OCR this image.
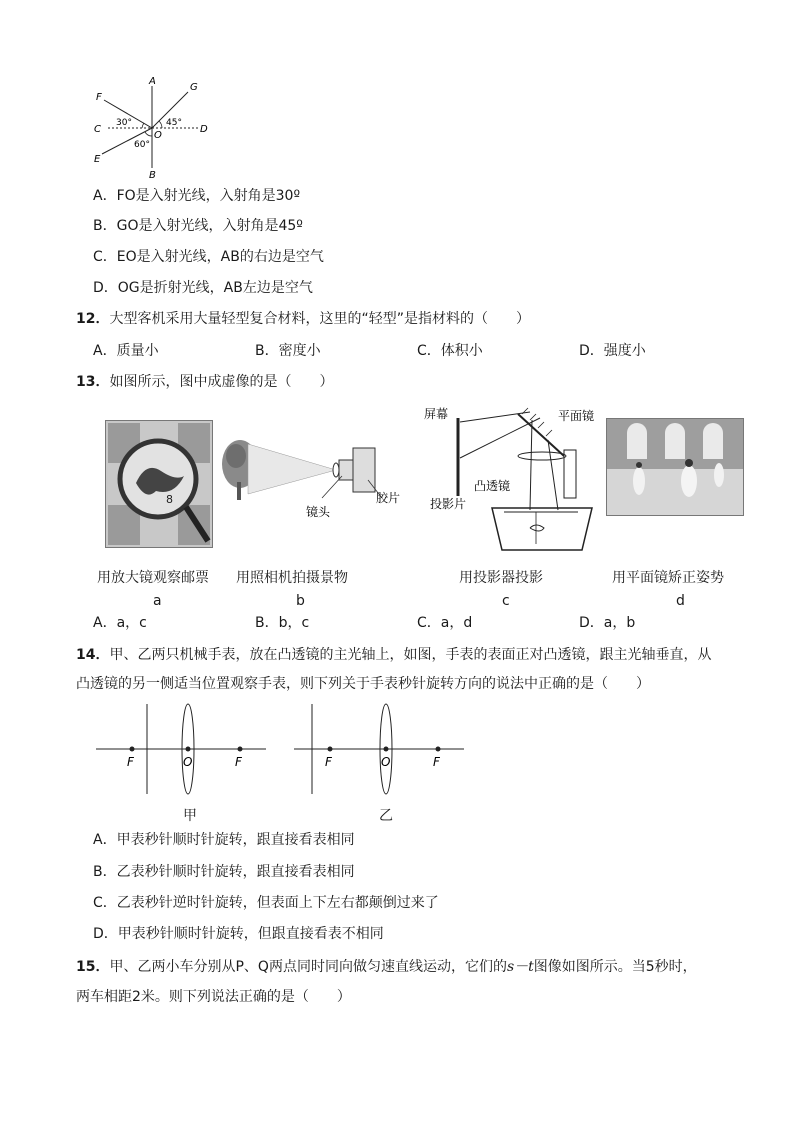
A
B
C	D
E
F
G
O
30°	45°
60°
A．FO是入射光线，入射角是30º
B．GO是入射光线，入射角是45º
C．EO是入射光线，AB的右边是空气
D．OG是折射光线，AB左边是空气
12．大型客机采用大量轻型复合材料，这里的“轻型”是指材料的（　　）
A．质量小	B．密度小	C．体积小	D．强度小
13．如图所示，图中成虚像的是（　　）
8
镜头
胶片
屏幕	平面镜
凸透镜
投影片
用放大镜观察邮票
a
用照相机拍摄景物
b
用投影器投影
c
用平面镜矫正姿势
d
A．a，c	B．b，c	C．a，d	D．a，b
14．甲、乙两只机械手表，放在凸透镜的主光轴上，如图，手表的表面正对凸透镜，跟主光轴垂直，从
凸透镜的另一侧适当位置观察手表，则下列关于手表秒针旋转方向的说法中正确的是（　　）
F	O	F
甲
F	O	F
乙
A．甲表秒针顺时针旋转，跟直接看表相同
B．乙表秒针顺时针旋转，跟直接看表相同
C．乙表秒针逆时针旋转，但表面上下左右都颠倒过来了
D．甲表秒针顺时针旋转，但跟直接看表不相同
15．甲、乙两小车分别从P、Q两点同时同向做匀速直线运动，它们的s－t图像如图所示。当5秒时，
两车相距2米。则下列说法正确的是（　　）
